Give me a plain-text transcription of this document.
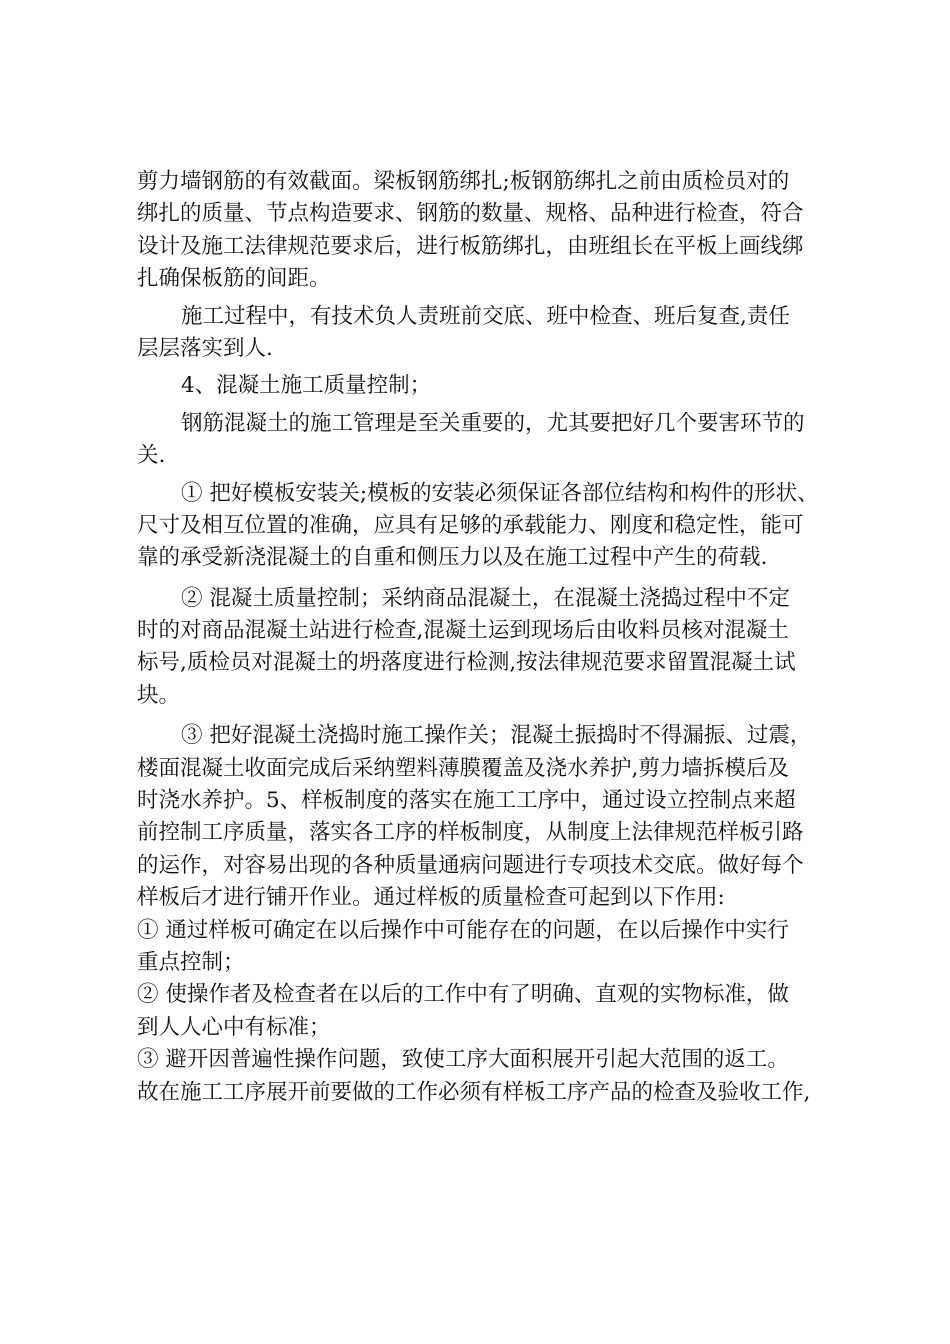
剪力墙钢筋的有效截面。梁板钢筋绑扎;板钢筋绑扎之前由质检员对的
绑扎的质量、节点构造要求、钢筋的数量、规格、品种进行检查，符合
设计及施工法律规范要求后，进行板筋绑扎，由班组长在平板上画线绑
扎确保板筋的间距。
施工过程中，有技术负人责班前交底、班中检查、班后复查,责任
层层落实到人.
4、混凝土施工质量控制；
钢筋混凝土的施工管理是至关重要的，尤其要把好几个要害环节的
关.
① 把好模板安装关;模板的安装必须保证各部位结构和构件的形状、
尺寸及相互位置的准确，应具有足够的承载能力、刚度和稳定性，能可
靠的承受新浇混凝土的自重和侧压力以及在施工过程中产生的荷载.
② 混凝土质量控制；采纳商品混凝土，在混凝土浇捣过程中不定
时的对商品混凝土站进行检查,混凝土运到现场后由收料员核对混凝土
标号,质检员对混凝土的坍落度进行检测,按法律规范要求留置混凝土试
块。
③ 把好混凝土浇捣时施工操作关；混凝土振捣时不得漏振、过震，
楼面混凝土收面完成后采纳塑料薄膜覆盖及浇水养护,剪力墙拆模后及
时浇水养护。5、样板制度的落实在施工工序中，通过设立控制点来超
前控制工序质量，落实各工序的样板制度，从制度上法律规范样板引路
的运作，对容易出现的各种质量通病问题进行专项技术交底。做好每个
样板后才进行铺开作业。通过样板的质量检查可起到以下作用:
① 通过样板可确定在以后操作中可能存在的问题，在以后操作中实行
重点控制；
② 使操作者及检查者在以后的工作中有了明确、直观的实物标准，做
到人人心中有标准；
③ 避开因普遍性操作问题，致使工序大面积展开引起大范围的返工。
故在施工工序展开前要做的工作必须有样板工序产品的检查及验收工作,
